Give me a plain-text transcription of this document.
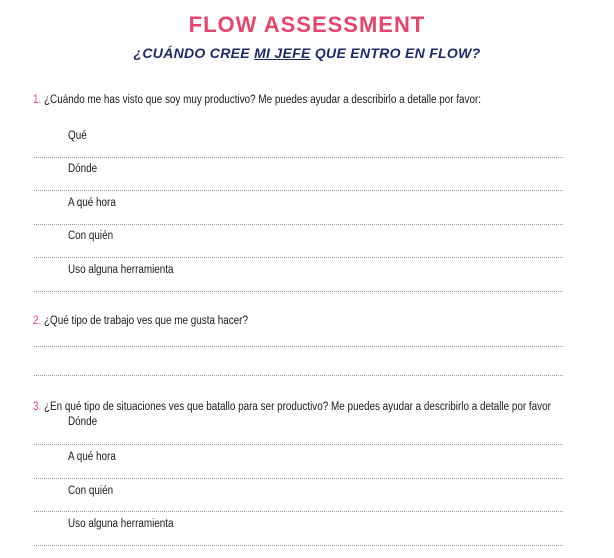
FLOW ASSESSMENT
¿CUÁNDO CREE MI JEFE QUE ENTRO EN FLOW?
1. ¿Cuándo me has visto que soy muy productivo? Me puedes ayudar a describirlo a detalle por favor:
Qué
Dónde
A qué hora
Con quién
Uso alguna herramienta
2. ¿Qué tipo de trabajo ves que me gusta hacer?
3. ¿En qué tipo de situaciones ves que batallo para ser productivo? Me puedes ayudar a describirlo a detalle por favor
Dónde
A qué hora
Con quién
Uso alguna herramienta
